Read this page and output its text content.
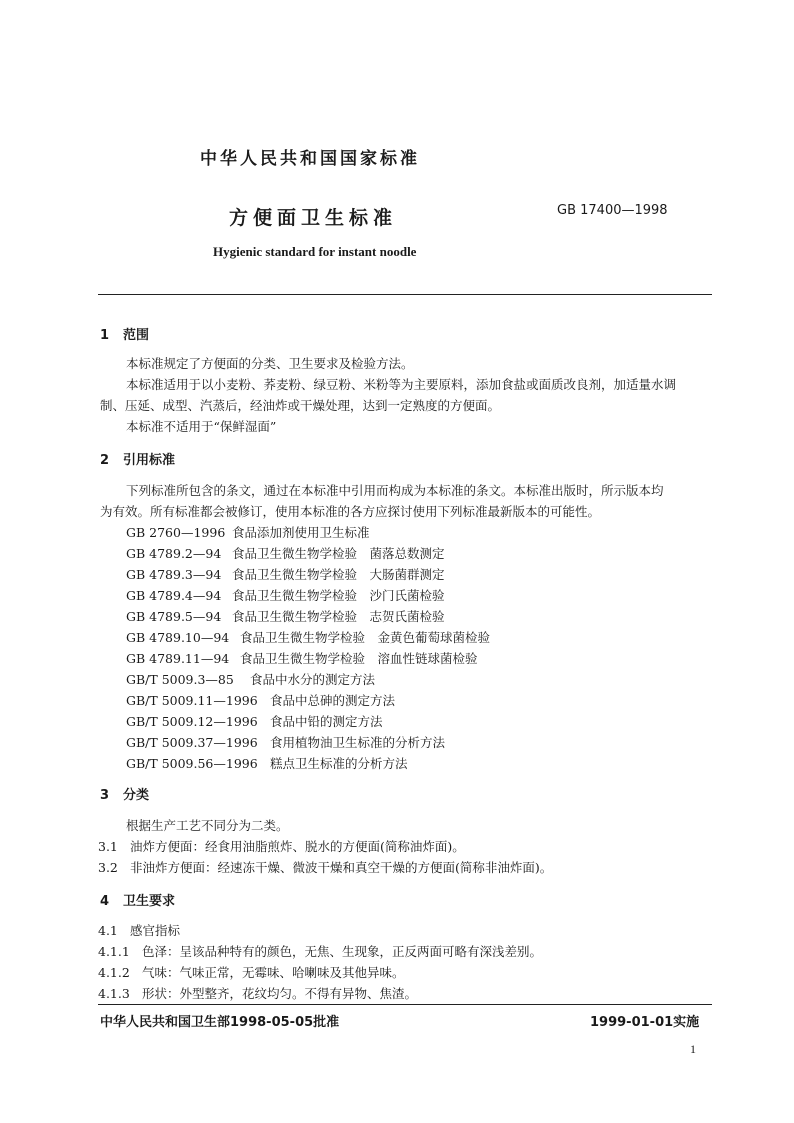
中华人民共和国国家标准
方便面卫生标准	GB 17400—1998
Hygienic standard for instant noodle
1 范围
本标准规定了方便面的分类、卫生要求及检验方法。
本标准适用于以小麦粉、荞麦粉、绿豆粉、米粉等为主要原料，添加食盐或面质改良剂，加适量水调
制、压延、成型、汽蒸后，经油炸或干燥处理，达到一定熟度的方便面。
本标准不适用于“保鲜湿面”
2 引用标准
下列标准所包含的条文，通过在本标准中引用而构成为本标准的条文。本标准出版时，所示版本均
为有效。所有标准都会被修订，使用本标准的各方应探讨使用下列标准最新版本的可能性。
GB 2760—1996 食品添加剂使用卫生标准
GB 4789.2—94 食品卫生微生物学检验　菌落总数测定
GB 4789.3—94 食品卫生微生物学检验　大肠菌群测定
GB 4789.4—94 食品卫生微生物学检验　沙门氏菌检验
GB 4789.5—94 食品卫生微生物学检验　志贺氏菌检验
GB 4789.10—94 食品卫生微生物学检验　金黄色葡萄球菌检验
GB 4789.11—94 食品卫生微生物学检验　溶血性链球菌检验
GB/T 5009.3—85 食品中水分的测定方法
GB/T 5009.11—1996 食品中总砷的测定方法
GB/T 5009.12—1996 食品中铅的测定方法
GB/T 5009.37—1996 食用植物油卫生标准的分析方法
GB/T 5009.56—1996 糕点卫生标准的分析方法
3 分类
根据生产工艺不同分为二类。
3.1 油炸方便面：经食用油脂煎炸、脱水的方便面(简称油炸面)。
3.2 非油炸方便面：经速冻干燥、微波干燥和真空干燥的方便面(简称非油炸面)。
4 卫生要求
4.1 感官指标
4.1.1 色泽：呈该品种特有的颜色，无焦、生现象，正反两面可略有深浅差别。
4.1.2 气味：气味正常，无霉味、哈喇味及其他异味。
4.1.3 形状：外型整齐，花纹均匀。不得有异物、焦渣。
中华人民共和国卫生部1998-05-05批准	1999-01-01实施
1
